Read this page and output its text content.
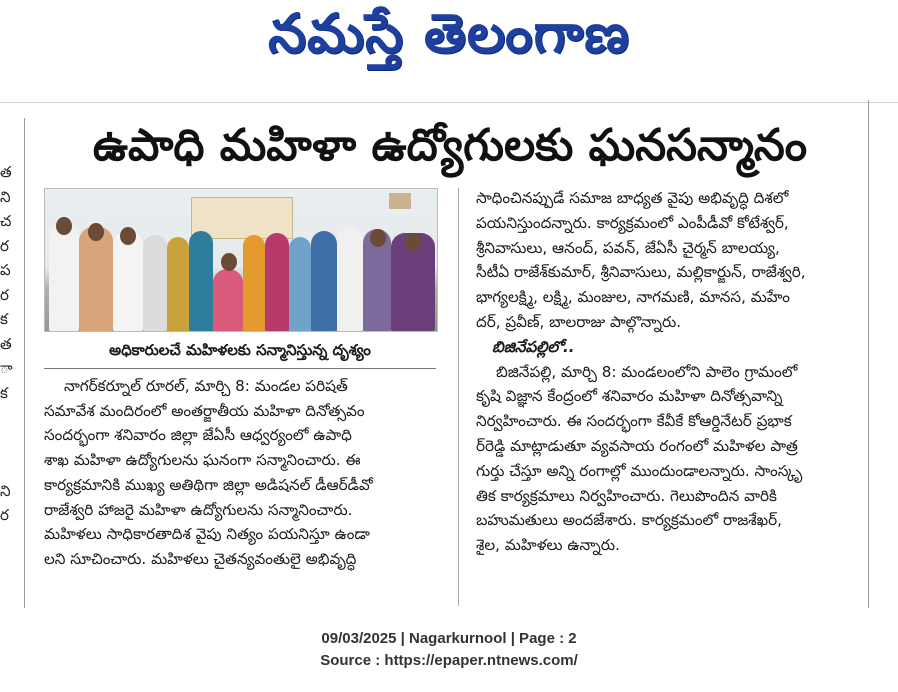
నమస్తే తెలంగాణ
త
ని
చ
ర
ప
ర
క
త
ా
క
ని
ర
ఉపాధి మహిళా ఉద్యోగులకు ఘనసన్మానం
అధికారులచే మహిళలకు సన్మానిస్తున్న దృశ్యం
నాగర్‌కర్నూల్ రూరల్, మార్చి 8: మండల పరిషత్
సమావేశ మందిరంలో అంతర్జాతీయ మహిళా దినోత్సవం
సందర్భంగా శనివారం జిల్లా జేఏసీ ఆధ్వర్యంలో ఉపాధి
శాఖ మహిళా ఉద్యోగులను ఘనంగా సన్మానించారు. ఈ
కార్యక్రమానికి ముఖ్య అతిథిగా జిల్లా అడిషనల్ డీఆర్‌డీవో
రాజేశ్వరి హాజరై మహిళా ఉద్యోగులను సన్మానించారు.
మహిళలు సాధికారతాదిశ వైపు నిత్యం పయనిస్తూ ఉండా
లని సూచించారు. మహిళలు చైతన్యవంతులై అభివృద్ధి
సాధించినప్పుడే సమాజ బాధ్యత వైపు అభివృద్ధి దిశలో
పయనిస్తుందన్నారు. కార్యక్రమంలో ఎంపీడీవో కోటేశ్వర్,
శ్రీనివాసులు, ఆనంద్, పవన్, జేఏసీ చైర్మన్ బాలయ్య,
సీటీఏ రాజేశ్‌కుమార్, శ్రీనివాసులు, మల్లికార్జున్, రాజేశ్వరి,
భాగ్యలక్ష్మి, లక్ష్మి, మంజుల, నాగమణి, మానస, మహేం
దర్, ప్రవీణ్, బాలరాజు పాల్గొన్నారు.
బిజినేపల్లిలో..
బిజినేపల్లి, మార్చి 8: మండలంలోని పాలెం గ్రామంలో
కృషి విజ్ఞాన కేంద్రంలో శనివారం మహిళా దినోత్సవాన్ని
నిర్వహించారు. ఈ సందర్భంగా కేవీకే కోఆర్డినేటర్ ప్రభాక
ర్‌రెడ్డి మాట్లాడుతూ వ్యవసాయ రంగంలో మహిళల పాత్ర
గుర్తు చేస్తూ అన్ని రంగాల్లో ముందుండాలన్నారు. సాంస్కృ
తిక కార్యక్రమాలు నిర్వహించారు. గెలుపొందిన వారికి
బహుమతులు అందజేశారు. కార్యక్రమంలో రాజశేఖర్,
శైల, మహిళలు ఉన్నారు.
09/03/2025 | Nagarkurnool | Page : 2
Source : https://epaper.ntnews.com/
